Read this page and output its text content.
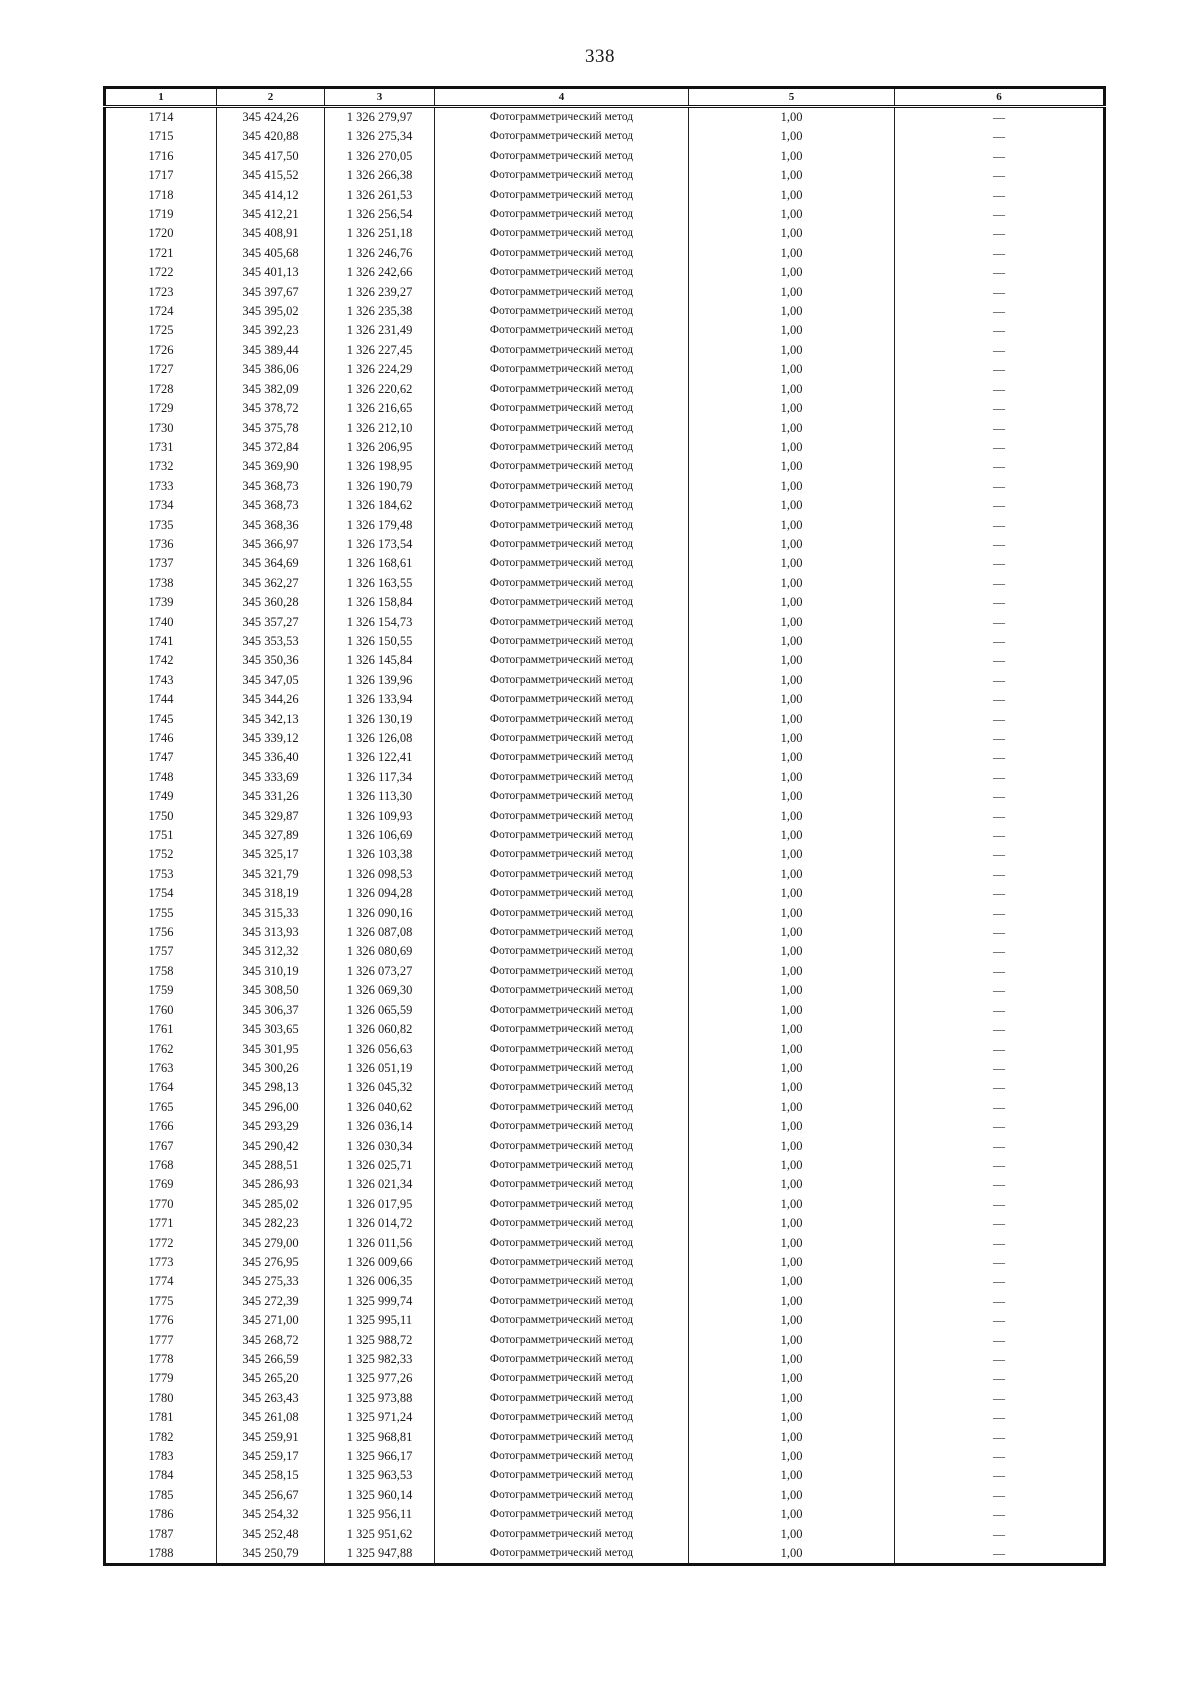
338
1	2	3	4	5	6
1714	345 424,26	1 326 279,97	Фотограмметрический метод	1,00	—
1715	345 420,88	1 326 275,34	Фотограмметрический метод	1,00	—
1716	345 417,50	1 326 270,05	Фотограмметрический метод	1,00	—
1717	345 415,52	1 326 266,38	Фотограмметрический метод	1,00	—
1718	345 414,12	1 326 261,53	Фотограмметрический метод	1,00	—
1719	345 412,21	1 326 256,54	Фотограмметрический метод	1,00	—
1720	345 408,91	1 326 251,18	Фотограмметрический метод	1,00	—
1721	345 405,68	1 326 246,76	Фотограмметрический метод	1,00	—
1722	345 401,13	1 326 242,66	Фотограмметрический метод	1,00	—
1723	345 397,67	1 326 239,27	Фотограмметрический метод	1,00	—
1724	345 395,02	1 326 235,38	Фотограмметрический метод	1,00	—
1725	345 392,23	1 326 231,49	Фотограмметрический метод	1,00	—
1726	345 389,44	1 326 227,45	Фотограмметрический метод	1,00	—
1727	345 386,06	1 326 224,29	Фотограмметрический метод	1,00	—
1728	345 382,09	1 326 220,62	Фотограмметрический метод	1,00	—
1729	345 378,72	1 326 216,65	Фотограмметрический метод	1,00	—
1730	345 375,78	1 326 212,10	Фотограмметрический метод	1,00	—
1731	345 372,84	1 326 206,95	Фотограмметрический метод	1,00	—
1732	345 369,90	1 326 198,95	Фотограмметрический метод	1,00	—
1733	345 368,73	1 326 190,79	Фотограмметрический метод	1,00	—
1734	345 368,73	1 326 184,62	Фотограмметрический метод	1,00	—
1735	345 368,36	1 326 179,48	Фотограмметрический метод	1,00	—
1736	345 366,97	1 326 173,54	Фотограмметрический метод	1,00	—
1737	345 364,69	1 326 168,61	Фотограмметрический метод	1,00	—
1738	345 362,27	1 326 163,55	Фотограмметрический метод	1,00	—
1739	345 360,28	1 326 158,84	Фотограмметрический метод	1,00	—
1740	345 357,27	1 326 154,73	Фотограмметрический метод	1,00	—
1741	345 353,53	1 326 150,55	Фотограмметрический метод	1,00	—
1742	345 350,36	1 326 145,84	Фотограмметрический метод	1,00	—
1743	345 347,05	1 326 139,96	Фотограмметрический метод	1,00	—
1744	345 344,26	1 326 133,94	Фотограмметрический метод	1,00	—
1745	345 342,13	1 326 130,19	Фотограмметрический метод	1,00	—
1746	345 339,12	1 326 126,08	Фотограмметрический метод	1,00	—
1747	345 336,40	1 326 122,41	Фотограмметрический метод	1,00	—
1748	345 333,69	1 326 117,34	Фотограмметрический метод	1,00	—
1749	345 331,26	1 326 113,30	Фотограмметрический метод	1,00	—
1750	345 329,87	1 326 109,93	Фотограмметрический метод	1,00	—
1751	345 327,89	1 326 106,69	Фотограмметрический метод	1,00	—
1752	345 325,17	1 326 103,38	Фотограмметрический метод	1,00	—
1753	345 321,79	1 326 098,53	Фотограмметрический метод	1,00	—
1754	345 318,19	1 326 094,28	Фотограмметрический метод	1,00	—
1755	345 315,33	1 326 090,16	Фотограмметрический метод	1,00	—
1756	345 313,93	1 326 087,08	Фотограмметрический метод	1,00	—
1757	345 312,32	1 326 080,69	Фотограмметрический метод	1,00	—
1758	345 310,19	1 326 073,27	Фотограмметрический метод	1,00	—
1759	345 308,50	1 326 069,30	Фотограмметрический метод	1,00	—
1760	345 306,37	1 326 065,59	Фотограмметрический метод	1,00	—
1761	345 303,65	1 326 060,82	Фотограмметрический метод	1,00	—
1762	345 301,95	1 326 056,63	Фотограмметрический метод	1,00	—
1763	345 300,26	1 326 051,19	Фотограмметрический метод	1,00	—
1764	345 298,13	1 326 045,32	Фотограмметрический метод	1,00	—
1765	345 296,00	1 326 040,62	Фотограмметрический метод	1,00	—
1766	345 293,29	1 326 036,14	Фотограмметрический метод	1,00	—
1767	345 290,42	1 326 030,34	Фотограмметрический метод	1,00	—
1768	345 288,51	1 326 025,71	Фотограмметрический метод	1,00	—
1769	345 286,93	1 326 021,34	Фотограмметрический метод	1,00	—
1770	345 285,02	1 326 017,95	Фотограмметрический метод	1,00	—
1771	345 282,23	1 326 014,72	Фотограмметрический метод	1,00	—
1772	345 279,00	1 326 011,56	Фотограмметрический метод	1,00	—
1773	345 276,95	1 326 009,66	Фотограмметрический метод	1,00	—
1774	345 275,33	1 326 006,35	Фотограмметрический метод	1,00	—
1775	345 272,39	1 325 999,74	Фотограмметрический метод	1,00	—
1776	345 271,00	1 325 995,11	Фотограмметрический метод	1,00	—
1777	345 268,72	1 325 988,72	Фотограмметрический метод	1,00	—
1778	345 266,59	1 325 982,33	Фотограмметрический метод	1,00	—
1779	345 265,20	1 325 977,26	Фотограмметрический метод	1,00	—
1780	345 263,43	1 325 973,88	Фотограмметрический метод	1,00	—
1781	345 261,08	1 325 971,24	Фотограмметрический метод	1,00	—
1782	345 259,91	1 325 968,81	Фотограмметрический метод	1,00	—
1783	345 259,17	1 325 966,17	Фотограмметрический метод	1,00	—
1784	345 258,15	1 325 963,53	Фотограмметрический метод	1,00	—
1785	345 256,67	1 325 960,14	Фотограмметрический метод	1,00	—
1786	345 254,32	1 325 956,11	Фотограмметрический метод	1,00	—
1787	345 252,48	1 325 951,62	Фотограмметрический метод	1,00	—
1788	345 250,79	1 325 947,88	Фотограмметрический метод	1,00	—
